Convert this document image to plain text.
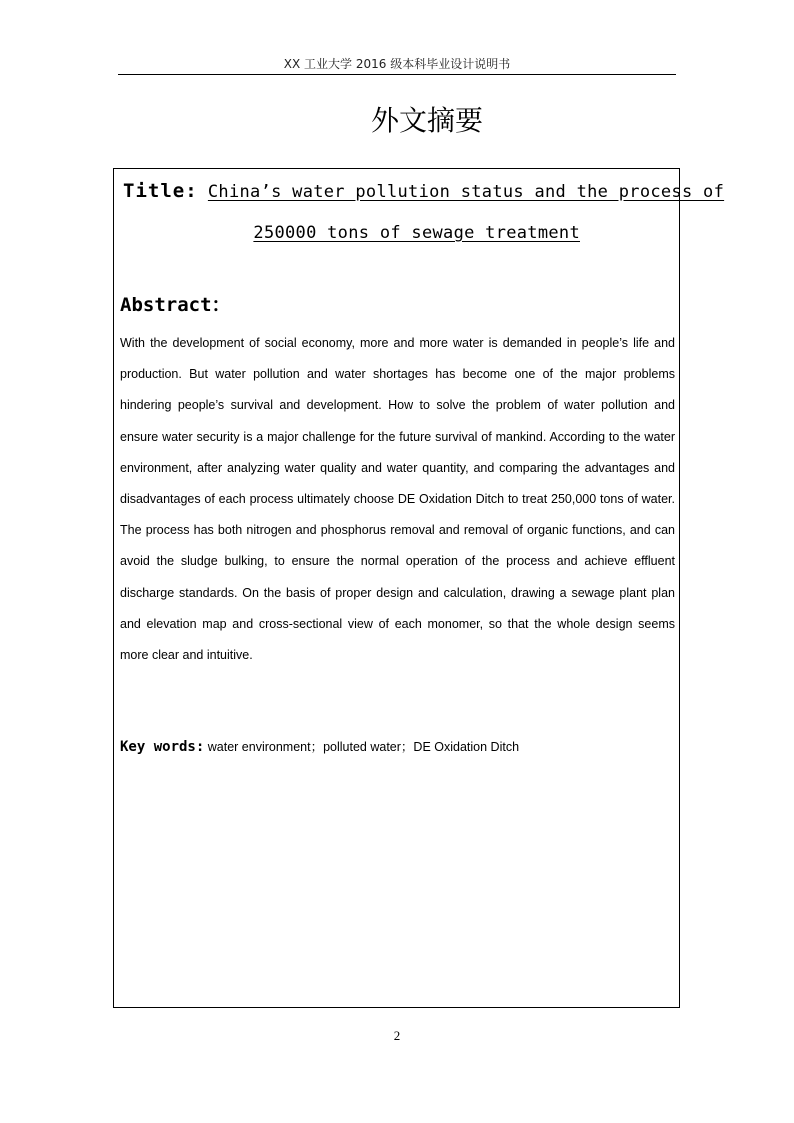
XX 工业大学 2016 级本科毕业设计说明书
外文摘要
Title: China’s water pollution status and the process of
250000 tons of sewage treatment
Abstract：
With the development of social economy, more and more water is demanded in people’s life and production. But water pollution and water shortages has become one of the major problems hindering people’s survival and development. How to solve the problem of water pollution and ensure water security is a major challenge for the future survival of mankind. According to the water environment, after analyzing water quality and water quantity, and comparing the advantages and disadvantages of each process ultimately choose DE Oxidation Ditch to treat 250,000 tons of water. The process has both nitrogen and phosphorus removal and removal of organic functions, and can avoid the sludge bulking, to ensure the normal operation of the process and achieve effluent discharge standards. On the basis of proper design and calculation, drawing a sewage plant plan and elevation map and cross-sectional view of each monomer, so that the whole design seems more clear and intuitive.
Key words: water environment；polluted water；DE Oxidation Ditch
2
